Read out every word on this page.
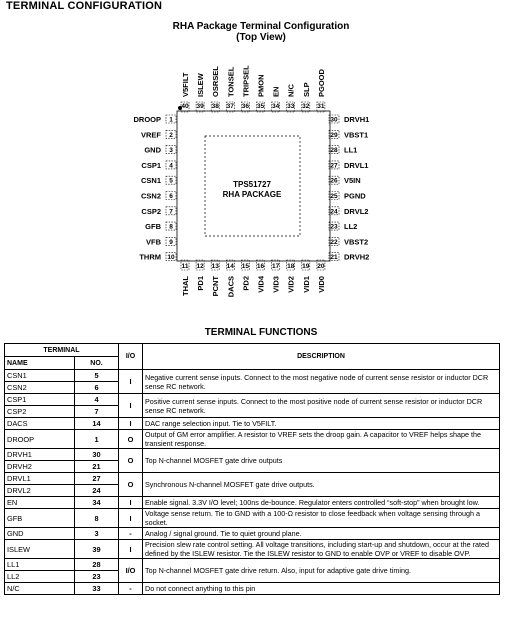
TERMINAL CONFIGURATION
RHA Package Terminal Configuration
(Top View)
TPS51727
RHA PACKAGE
DROOP 1
VREF 2
GND 3
CSP1 4
CSN1 5
CSN2 6
CSP2 7
GFB 8
VFB 9
THRM 10
30 DRVH1
29 VBST1
28 LL1
27 DRVL1
26 V5IN
25 PGND
24 DRVL2
23 LL2
22 VBST2
21 DRVH2
40
V5FILT
39
ISLEW
38
OSRSEL
37
TONSEL
36
TRIPSEL
35
PMON
34
EN
33
N/C
32
SLP
31
PGOOD
11
THAL
12
PD1
13
PCNT
14
DACS
15
PD2
16
VID4
17
VID3
18
VID2
19
VID1
20
VID0
TERMINAL FUNCTIONS
TERMINAL		I/O	DESCRIPTION
NAME	NO.		
CSN1	5	I	Negative current sense inputs. Connect to the most negative node of current sense resistor or inductor DCR sense RC network.
CSN2	6		
CSP1	4	I	Positive current sense inputs. Connect to the most positive node of current sense resistor or inductor DCR sense RC network.
CSP2	7		
DACS	14	I	DAC range selection input. Tie to V5FILT.
DROOP	1	O	Output of GM error amplifier. A resistor to VREF sets the droop gain. A capacitor to VREF helps shape the transient response.
DRVH1	30	O	Top N-channel MOSFET gate drive outputs
DRVH2	21		
DRVL1	27	O	Synchronous N-channel MOSFET gate drive outputs.
DRVL2	24		
EN	34	I	Enable signal. 3.3V I/O level; 100ns de-bounce. Regulator enters controlled “soft-stop” when brought low.
GFB	8	I	Voltage sense return. Tie to GND with a 100-Ω resistor to close feedback when voltage sensing through a socket.
GND	3	-	Analog / signal ground. Tie to quiet ground plane.
ISLEW	39	I	Precision slew rate control setting. All voltage transitions, including start-up and shutdown, occur at the rated defined by the ISLEW resistor. Tie the ISLEW resistor to GND to enable OVP or VREF to disable OVP.
LL1	28	I/O	Top N-channel MOSFET gate drive return. Also, input for adaptive gate drive timing.
LL2	23		
N/C	33	-	Do not connect anything to this pin
